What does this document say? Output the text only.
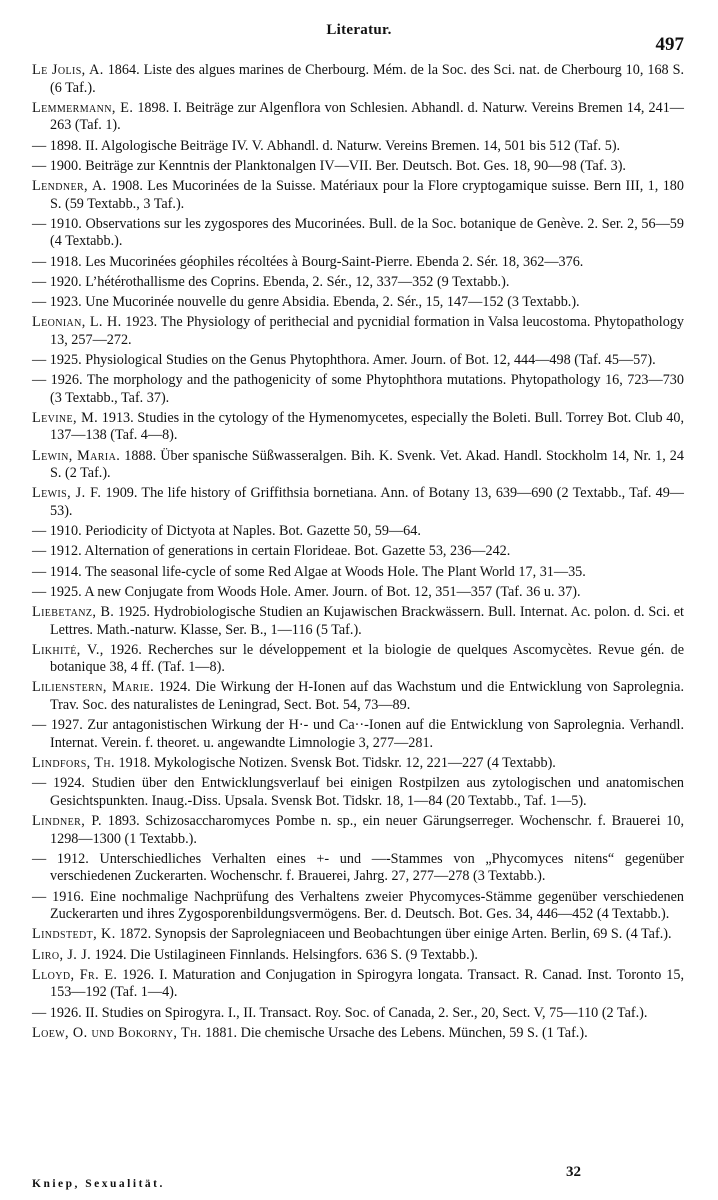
Literatur.
497

Le Jolis, A. 1864. Liste des algues marines de Cherbourg. Mém. de la Soc. des Sci. nat. de Cherbourg 10, 168 S. (6 Taf.).

Lemmermann, E. 1898. I. Beiträge zur Algenflora von Schlesien. Abhandl. d. Naturw. Vereins Bremen 14, 241—263 (Taf. 1).

— 1898. II. Algologische Beiträge IV. V. Abhandl. d. Naturw. Vereins Bremen. 14, 501 bis 512 (Taf. 5).

— 1900. Beiträge zur Kenntnis der Planktonalgen IV—VII. Ber. Deutsch. Bot. Ges. 18, 90—98 (Taf. 3).

Lendner, A. 1908. Les Mucorinées de la Suisse. Matériaux pour la Flore cryptogamique suisse. Bern III, 1, 180 S. (59 Textabb., 3 Taf.).

— 1910. Observations sur les zygospores des Mucorinées. Bull. de la Soc. botanique de Genève. 2. Ser. 2, 56—59 (4 Textabb.).

— 1918. Les Mucorinées géophiles récoltées à Bourg-Saint-Pierre. Ebenda 2. Sér. 18, 362—376.

— 1920. L’hétérothallisme des Coprins. Ebenda, 2. Sér., 12, 337—352 (9 Textabb.).

— 1923. Une Mucorinée nouvelle du genre Absidia. Ebenda, 2. Sér., 15, 147—152 (3 Textabb.).

Leonian, L. H. 1923. The Physiology of perithecial and pycnidial formation in Valsa leucostoma. Phytopathology 13, 257—272.

— 1925. Physiological Studies on the Genus Phytophthora. Amer. Journ. of Bot. 12, 444—498 (Taf. 45—57).

— 1926. The morphology and the pathogenicity of some Phytophthora mutations. Phytopathology 16, 723—730 (3 Textabb., Taf. 37).

Levine, M. 1913. Studies in the cytology of the Hymenomycetes, especially the Boleti. Bull. Torrey Bot. Club 40, 137—138 (Taf. 4—8).

Lewin, Maria. 1888. Über spanische Süßwasseralgen. Bih. K. Svenk. Vet. Akad. Handl. Stockholm 14, Nr. 1, 24 S. (2 Taf.).

Lewis, J. F. 1909. The life history of Griffithsia bornetiana. Ann. of Botany 13, 639—690 (2 Textabb., Taf. 49—53).

— 1910. Periodicity of Dictyota at Naples. Bot. Gazette 50, 59—64.

— 1912. Alternation of generations in certain Florideae. Bot. Gazette 53, 236—242.

— 1914. The seasonal life-cycle of some Red Algae at Woods Hole. The Plant World 17, 31—35.

— 1925. A new Conjugate from Woods Hole. Amer. Journ. of Bot. 12, 351—357 (Taf. 36 u. 37).

Liebetanz, B. 1925. Hydrobiologische Studien an Kujawischen Brackwässern. Bull. Internat. Ac. polon. d. Sci. et Lettres. Math.-naturw. Klasse, Ser. B., 1—116 (5 Taf.).

Likhité, V., 1926. Recherches sur le développement et la biologie de quelques Ascomycètes. Revue gén. de botanique 38, 4 ff. (Taf. 1—8).

Lilienstern, Marie. 1924. Die Wirkung der H-Ionen auf das Wachstum und die Entwicklung von Saprolegnia. Trav. Soc. des naturalistes de Leningrad, Sect. Bot. 54, 73—89.

— 1927. Zur antagonistischen Wirkung der H·- und Ca··-Ionen auf die Entwicklung von Saprolegnia. Verhandl. Internat. Verein. f. theoret. u. angewandte Limnologie 3, 277—281.

Lindfors, Th. 1918. Mykologische Notizen. Svensk Bot. Tidskr. 12, 221—227 (4 Textabb).

— 1924. Studien über den Entwicklungsverlauf bei einigen Rostpilzen aus zytologischen und anatomischen Gesichtspunkten. Inaug.-Diss. Upsala. Svensk Bot. Tidskr. 18, 1—84 (20 Textabb., Taf. 1—5).

Lindner, P. 1893. Schizosaccharomyces Pombe n. sp., ein neuer Gärungserreger. Wochenschr. f. Brauerei 10, 1298—1300 (1 Textabb.).

— 1912. Unterschiedliches Verhalten eines +- und —-Stammes von „Phycomyces nitens“ gegenüber verschiedenen Zuckerarten. Wochenschr. f. Brauerei, Jahrg. 27, 277—278 (3 Textabb.).

— 1916. Eine nochmalige Nachprüfung des Verhaltens zweier Phycomyces-Stämme gegenüber verschiedenen Zuckerarten und ihres Zygosporenbildungsvermögens. Ber. d. Deutsch. Bot. Ges. 34, 446—452 (4 Textabb.).

Lindstedt, K. 1872. Synopsis der Saprolegniaceen und Beobachtungen über einige Arten. Berlin, 69 S. (4 Taf.).

Liro, J. J. 1924. Die Ustilagineen Finnlands. Helsingfors. 636 S. (9 Textabb.).

Lloyd, Fr. E. 1926. I. Maturation and Conjugation in Spirogyra longata. Transact. R. Canad. Inst. Toronto 15, 153—192 (Taf. 1—4).

— 1926. II. Studies on Spirogyra. I., II. Transact. Roy. Soc. of Canada, 2. Ser., 20, Sect. V, 75—110 (2 Taf.).

Loew, O. und Bokorny, Th. 1881. Die chemische Ursache des Lebens. München, 59 S. (1 Taf.).

Kniep, Sexualität.
32
